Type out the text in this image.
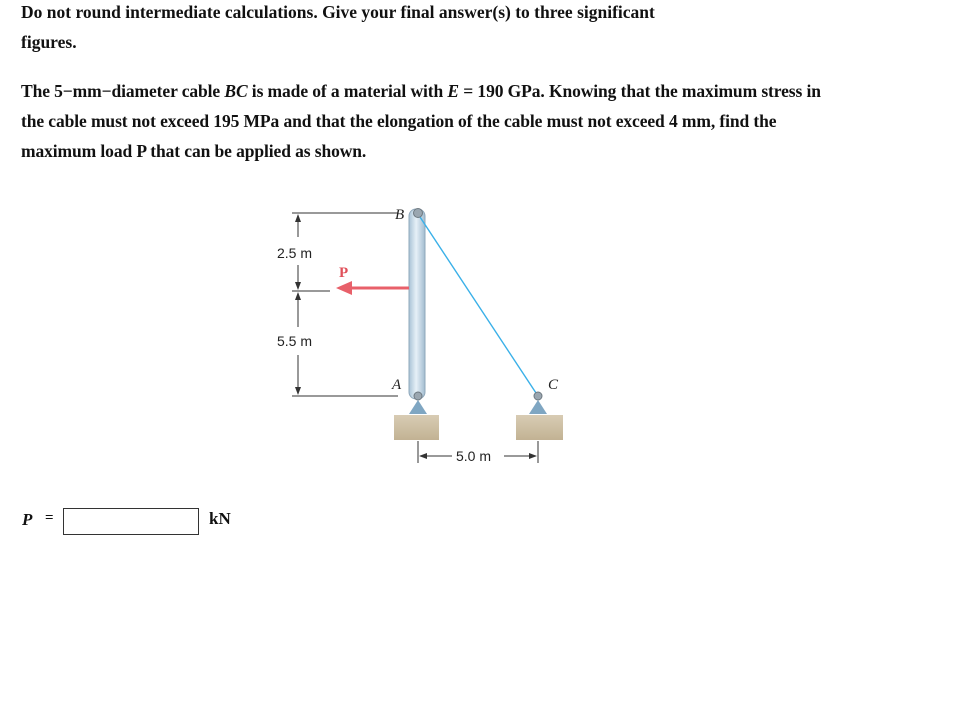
Do not round intermediate calculations. Give your final answer(s) to three significant
figures.

The 5−mm−diameter cable BC is made of a material with E = 190 GPa. Knowing that the maximum stress in the cable must not exceed 195 MPa and that the elongation of the cable must not exceed 4 mm, find the maximum load P that can be applied as shown.

2.5 m
5.5 m
5.0 m
P
B
A	C
P =	kN
